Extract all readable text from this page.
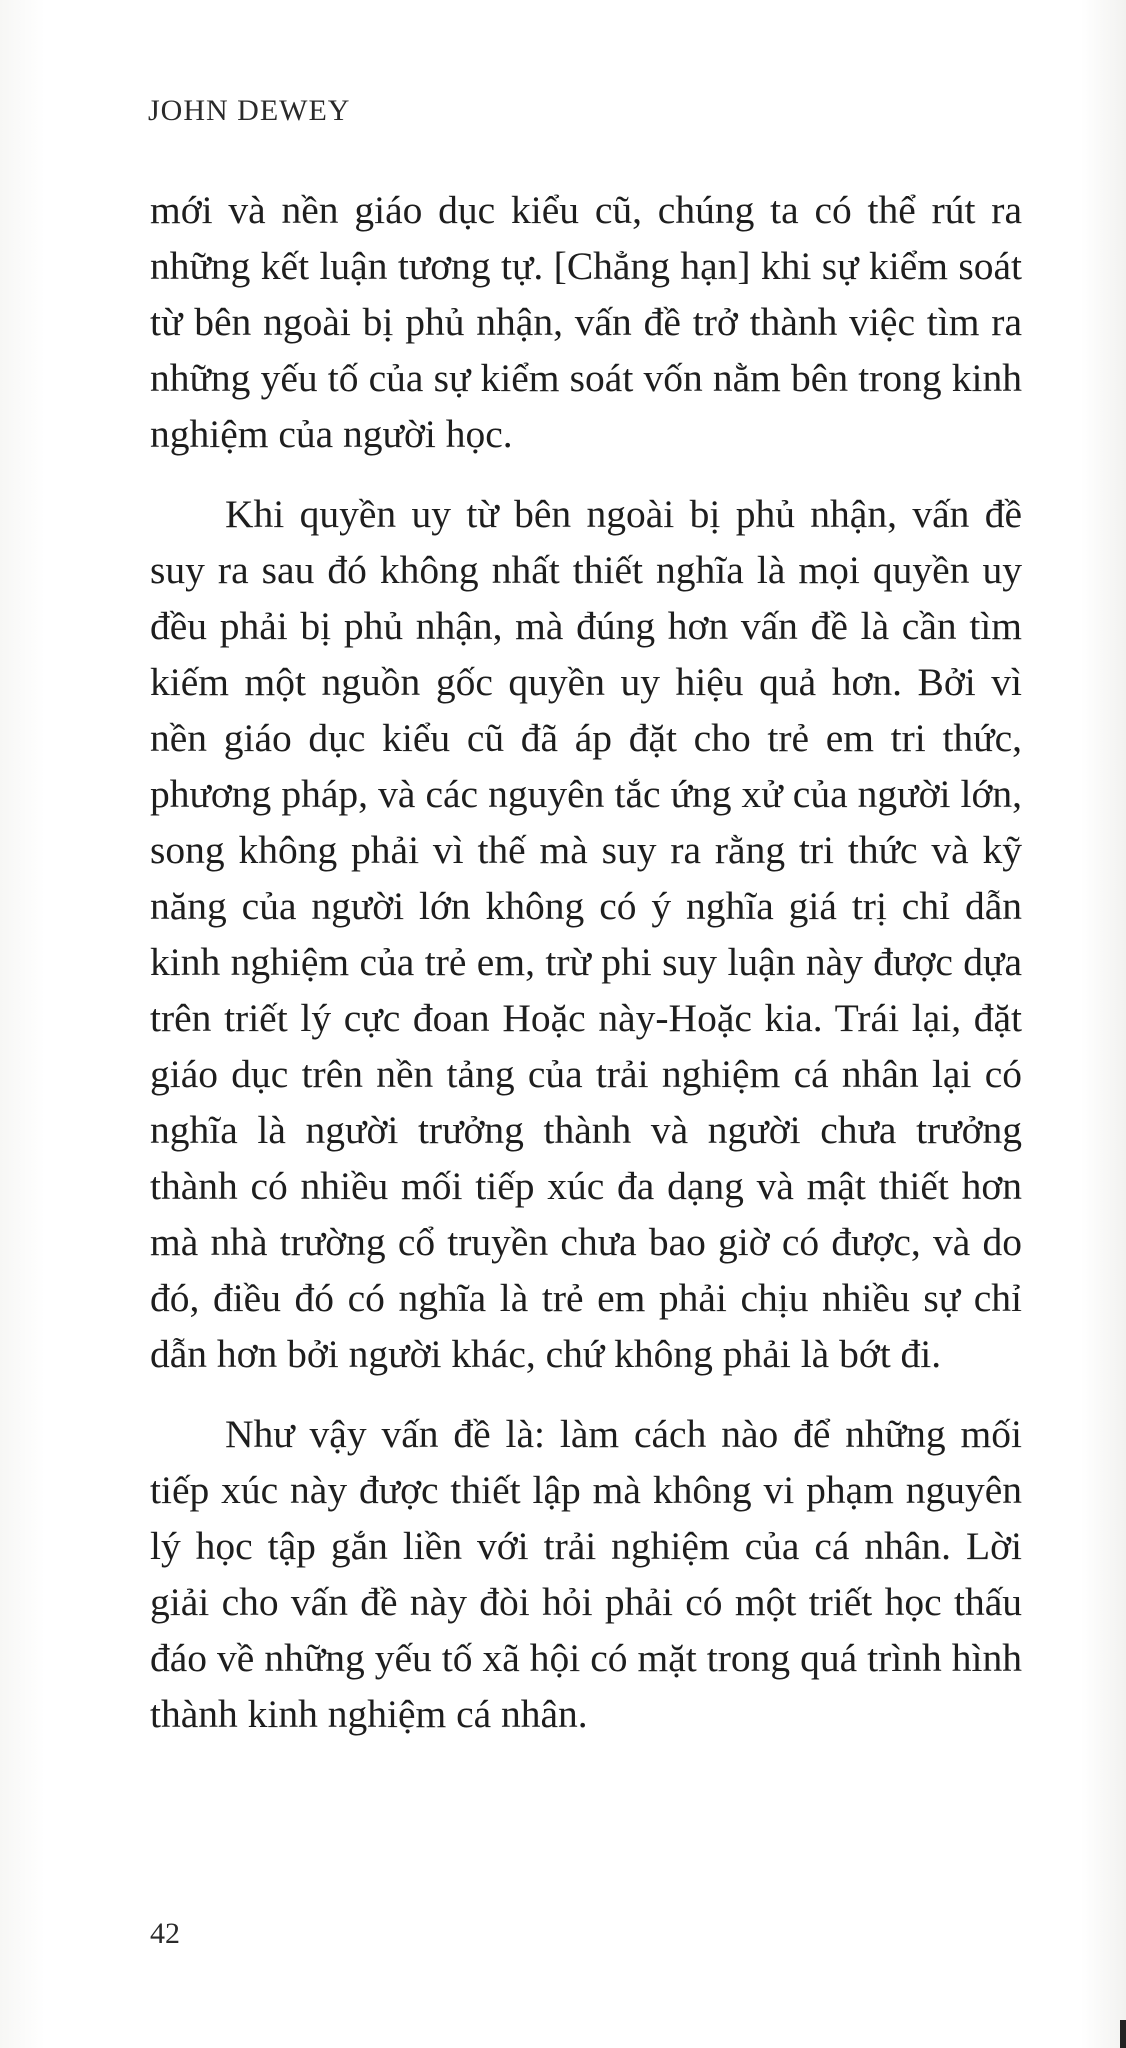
JOHN DEWEY

mới và nền giáo dục kiểu cũ, chúng ta có thể rút ra những kết luận tương tự. [Chẳng hạn] khi sự kiểm soát từ bên ngoài bị phủ nhận, vấn đề trở thành việc tìm ra những yếu tố của sự kiểm soát vốn nằm bên trong kinh nghiệm của người học.

Khi quyền uy từ bên ngoài bị phủ nhận, vấn đề suy ra sau đó không nhất thiết nghĩa là mọi quyền uy đều phải bị phủ nhận, mà đúng hơn vấn đề là cần tìm kiếm một nguồn gốc quyền uy hiệu quả hơn. Bởi vì nền giáo dục kiểu cũ đã áp đặt cho trẻ em tri thức, phương pháp, và các nguyên tắc ứng xử của người lớn, song không phải vì thế mà suy ra rằng tri thức và kỹ năng của người lớn không có ý nghĩa giá trị chỉ dẫn kinh nghiệm của trẻ em, trừ phi suy luận này được dựa trên triết lý cực đoan Hoặc này-Hoặc kia. Trái lại, đặt giáo dục trên nền tảng của trải nghiệm cá nhân lại có nghĩa là người trưởng thành và người chưa trưởng thành có nhiều mối tiếp xúc đa dạng và mật thiết hơn mà nhà trường cổ truyền chưa bao giờ có được, và do đó, điều đó có nghĩa là trẻ em phải chịu nhiều sự chỉ dẫn hơn bởi người khác, chứ không phải là bớt đi.

Như vậy vấn đề là: làm cách nào để những mối tiếp xúc này được thiết lập mà không vi phạm nguyên lý học tập gắn liền với trải nghiệm của cá nhân. Lời giải cho vấn đề này đòi hỏi phải có một triết học thấu đáo về những yếu tố xã hội có mặt trong quá trình hình thành kinh nghiệm cá nhân.

42
